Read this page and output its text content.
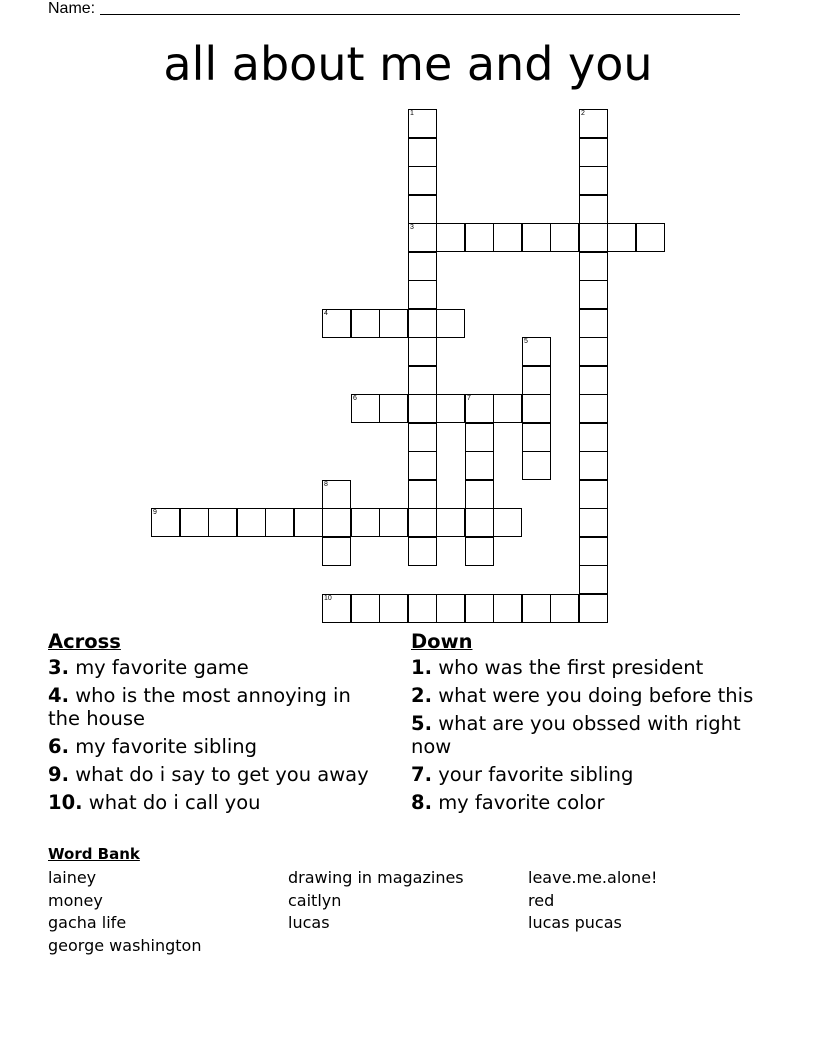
Name:
all about me and you
1
3
2
4
5
6	7
8
9
10
Across
3. my favorite game
4. who is the most annoying in the house
6. my favorite sibling
9. what do i say to get you away
10. what do i call you
Down
1. who was the first president
2. what were you doing before this
5. what are you obssed with right now
7. your favorite sibling
8. my favorite color
Word Bank
lainey	drawing in magazines	leave.me.alone!
money	caitlyn	red
gacha life	lucas	lucas pucas
george washington
